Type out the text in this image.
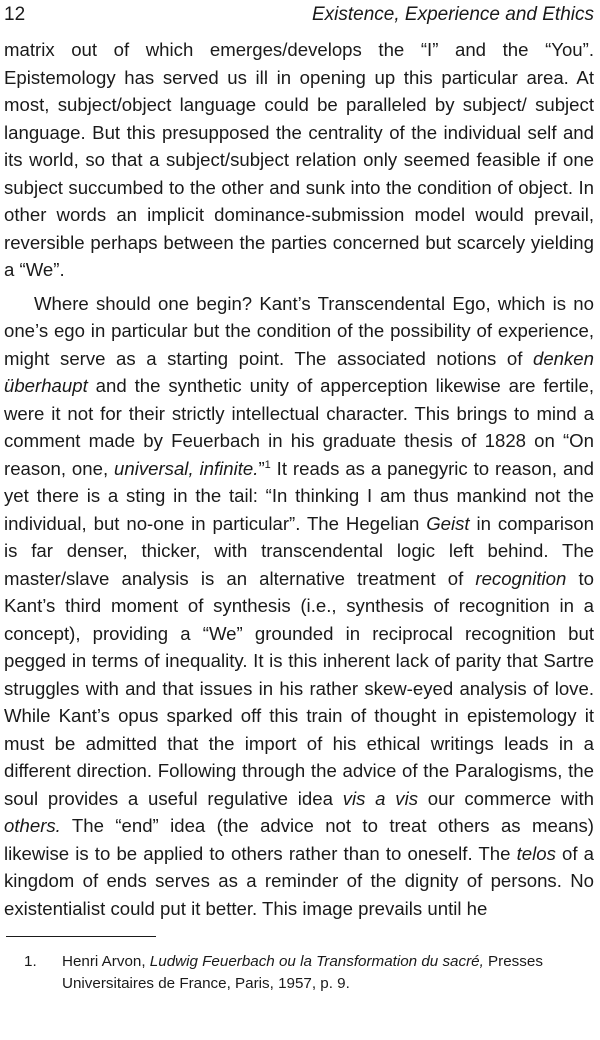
12	Existence, Experience and Ethics

matrix out of which emerges/develops the “I” and the “You”. Epistemology has served us ill in opening up this particular area. At most, subject/object language could be paralleled by subject/ subject language. But this presupposed the centrality of the individual self and its world, so that a subject/subject relation only seemed feasible if one subject succumbed to the other and sunk into the condition of object. In other words an implicit dominance-submission model would prevail, reversible perhaps between the parties concerned but scarcely yielding a “We”.

Where should one begin? Kant’s Transcendental Ego, which is no one’s ego in particular but the condition of the possibility of experience, might serve as a starting point. The associated notions of denken überhaupt and the synthetic unity of apperception likewise are fertile, were it not for their strictly intellectual character. This brings to mind a comment made by Feuerbach in his graduate thesis of 1828 on “On reason, one, universal, infinite.”$^1$ It reads as a panegyric to reason, and yet there is a sting in the tail: “In thinking I am thus mankind not the individual, but no-one in particular”. The Hegelian Geist in comparison is far denser, thicker, with transcendental logic left behind. The master/slave analysis is an alternative treatment of recognition to Kant’s third moment of synthesis (i.e., synthesis of recognition in a concept), providing a “We” grounded in reciprocal recognition but pegged in terms of inequality. It is this inherent lack of parity that Sartre struggles with and that issues in his rather skew-eyed analysis of love. While Kant’s opus sparked off this train of thought in epistemology it must be admitted that the import of his ethical writings leads in a different direction. Following through the advice of the Paralogisms, the soul provides a useful regulative idea vis a vis our commerce with others. The “end” idea (the advice not to treat others as means) likewise is to be applied to others rather than to oneself. The telos of a kingdom of ends serves as a reminder of the dignity of persons. No existentialist could put it better. This image prevails until he

1.	Henri Arvon, Ludwig Feuerbach ou la Transformation du sacré, Presses Universitaires de France, Paris, 1957, p. 9.
